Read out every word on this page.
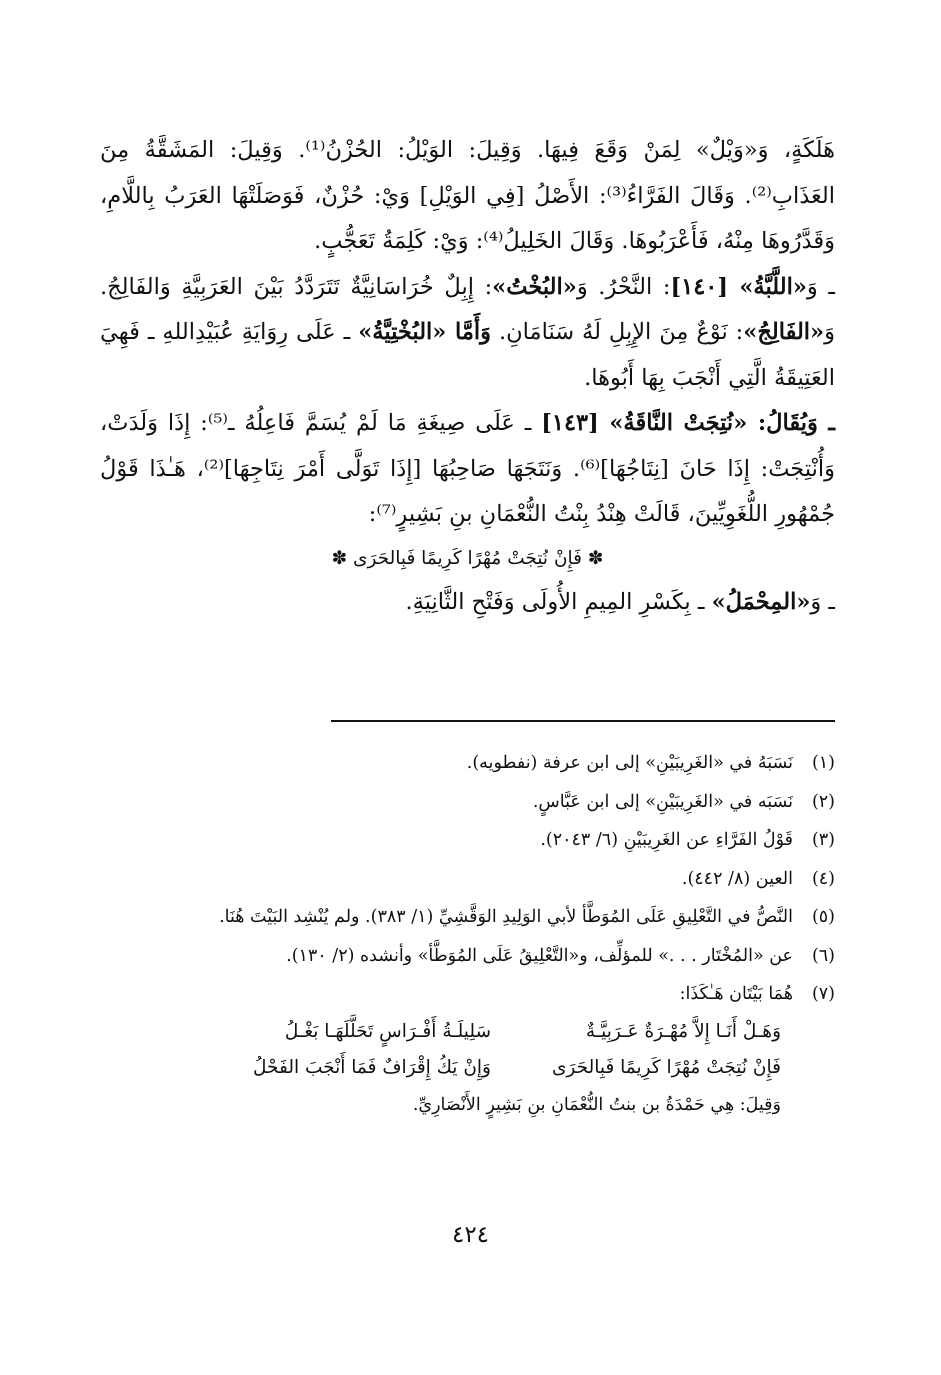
هَلَكَةٍ، وَ«وَيْلٌ» لِمَنْ وَقَعَ فِيهَا. وَقِيلَ: الوَيْلُ: الحُزْنُ⁽¹⁾. وَقِيلَ: المَشَقَّةُ مِنَ العَذَابِ⁽²⁾. وَقَالَ الفَرَّاءُ⁽³⁾: الأَصْلُ [فِي الوَيْلِ] وَيْ: حُزْنٌ، فَوَصَلَتْهَا العَرَبُ بِاللَّامِ، وَقَدَّرُوهَا مِنْهُ، فَأَعْرَبُوهَا. وَقَالَ الخَلِيلُ⁽⁴⁾: وَيْ: كَلِمَةُ تَعَجُّبٍ.

ـ وَ«اللَّبَّةُ» [١٤٠]: النَّحْرُ. وَ«البُخْتُ»: إِبِلٌ خُرَاسَانِيَّةٌ تَتَرَدَّدُ بَيْنَ العَرَبِيَّةِ وَالفَالِجُ. وَ«الفَالِجُ»: نَوْعٌ مِنَ الإِبِلِ لَهُ سَنَامَانِ. وَأَمَّا «البُخْتِيَّةُ» ـ عَلَى رِوَايَةِ عُبَيْدِاللهِ ـ فَهِيَ العَتِيقَةُ الَّتِي أَنْجَبَ بِهَا أَبُوهَا.

ـ وَيُقَالُ: «نُتِجَتْ النَّاقَةُ» [١٤٣] ـ عَلَى صِيغَةِ مَا لَمْ يُسَمَّ فَاعِلُهُ ـ⁽⁵⁾: إِذَا وَلَدَتْ، وَأُنْتِجَتْ: إِذَا حَانَ [نِتَاجُهَا]⁽⁶⁾. وَنَتَجَهَا صَاحِبُهَا [إِذَا تَوَلَّى أَمْرَ نِتَاجِهَا]⁽²⁾، هَـٰذَا قَوْلُ جُمْهُورِ اللُّغَوِيِّينَ، قَالَتْ هِنْدُ بِنْتُ النُّعْمَانِ بنِ بَشِيرٍ⁽⁷⁾:

✽ فَإِنْ نُتِجَتْ مُهْرًا كَرِيمًا فَبِالحَرَى ✽

ـ وَ«المِحْمَلُ» ـ بِكَسْرِ المِيمِ الأُولَى وَفَتْحِ الثَّانِيَةِ.

(١)
نَسَبَهُ في «الغَرِيبَيْنِ» إلى ابن عرفة (نفطويه).
(٢)
نَسَبَه في «الغَرِيبَيْنِ» إلى ابن عَبَّاسٍ.
(٣)
قَوْلُ الفَرَّاءِ عن الغَرِيبَيْنِ (٦/ ٢٠٤٣).
(٤)
العين (٨/ ٤٤٢).
(٥)
النَّصُّ في التَّعْلِيقِ عَلَى المُوَطَّأ لأبي الوَلِيدِ الوَقَّشِيِّ (١/ ٣٨٣). ولم يُنْشِد البَيْتَ هُنَا.
(٦)
عن «المُخْتَار . . .» للمؤلِّف، و«التَّعْلِيقُ عَلَى المُوَطَّأ» وأنشده (٢/ ١٣٠).
(٧)
هُمَا بَيْتَان هَـٰكَذَا:
وَهَـلْ أَنَـا إِلاَّ مُهْـرَةٌ عَـرَبِيَّـةٌ
سَلِيلَـةُ أَفْـرَاسٍ تَحَلَّلَهَـا بَغْـلُ
فَإِنْ نُتِجَتْ مُهْرًا كَرِيمًا فَبِالحَرَى
وَإِنْ يَكُ إِقْرَافٌ فَمَا أَنْجَبَ الفَحْلُ
وَقِيلَ: هِي حَمْدَةُ بن بنتُ النُّعْمَانِ بنِ بَشِيرٍ الأَنْصَارِيِّ.
٤٢٤
